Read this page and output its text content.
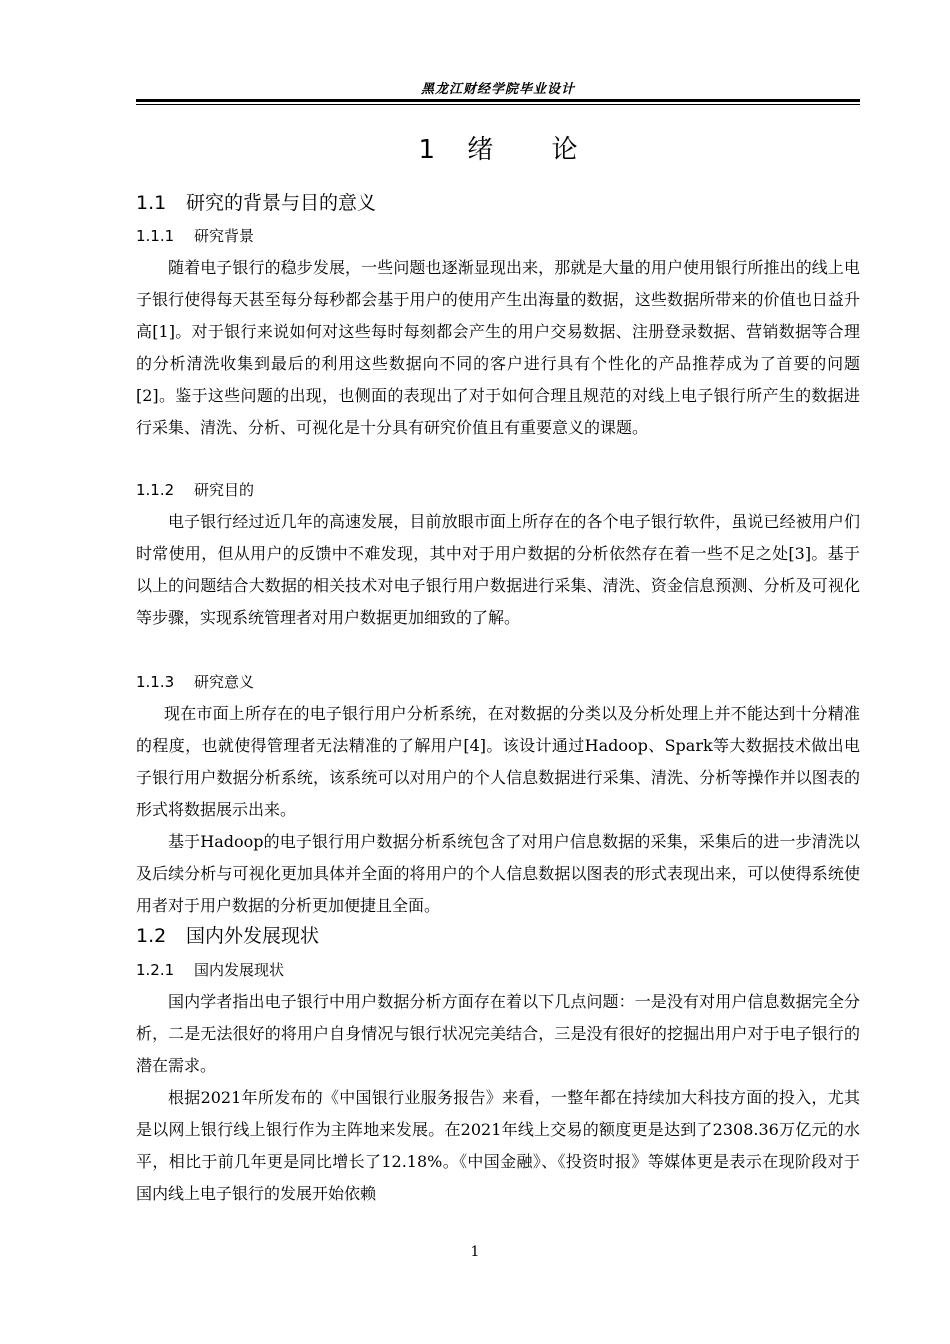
黑龙江财经学院毕业设计
1 绪 论
1.1 研究的背景与目的意义
1.1.1 研究背景

随着电子银行的稳步发展，一些问题也逐渐显现出来，那就是大量的用户使用银行所推出的线上电子银行使得每天甚至每分每秒都会基于用户的使用产生出海量的数据，这些数据所带来的价值也日益升高[1]。对于银行来说如何对这些每时每刻都会产生的用户交易数据、注册登录数据、营销数据等合理的分析清洗收集到最后的利用这些数据向不同的客户进行具有个性化的产品推荐成为了首要的问题[2]。鉴于这些问题的出现，也侧面的表现出了对于如何合理且规范的对线上电子银行所产生的数据进行采集、清洗、分析、可视化是十分具有研究价值且有重要意义的课题。

1.1.2 研究目的

电子银行经过近几年的高速发展，目前放眼市面上所存在的各个电子银行软件，虽说已经被用户们时常使用，但从用户的反馈中不难发现，其中对于用户数据的分析依然存在着一些不足之处[3]。基于以上的问题结合大数据的相关技术对电子银行用户数据进行采集、清洗、资金信息预测、分析及可视化等步骤，实现系统管理者对用户数据更加细致的了解。

1.1.3 研究意义

现在市面上所存在的电子银行用户分析系统，在对数据的分类以及分析处理上并不能达到十分精准的程度，也就使得管理者无法精准的了解用户[4]。该设计通过Hadoop、Spark等大数据技术做出电子银行用户数据分析系统，该系统可以对用户的个人信息数据进行采集、清洗、分析等操作并以图表的形式将数据展示出来。

基于Hadoop的电子银行用户数据分析系统包含了对用户信息数据的采集，采集后的进一步清洗以及后续分析与可视化更加具体并全面的将用户的个人信息数据以图表的形式表现出来，可以使得系统使用者对于用户数据的分析更加便捷且全面。

1.2 国内外发展现状
1.2.1 国内发展现状

国内学者指出电子银行中用户数据分析方面存在着以下几点问题：一是没有对用户信息数据完全分析，二是无法很好的将用户自身情况与银行状况完美结合，三是没有很好的挖掘出用户对于电子银行的潜在需求。

根据2021年所发布的《中国银行业服务报告》来看，一整年都在持续加大科技方面的投入，尤其是以网上银行线上银行作为主阵地来发展。在2021年线上交易的额度更是达到了2308.36万亿元的水平，相比于前几年更是同比增长了12.18%。《中国金融》、《投资时报》等媒体更是表示在现阶段对于国内线上电子银行的发展开始依赖

1
